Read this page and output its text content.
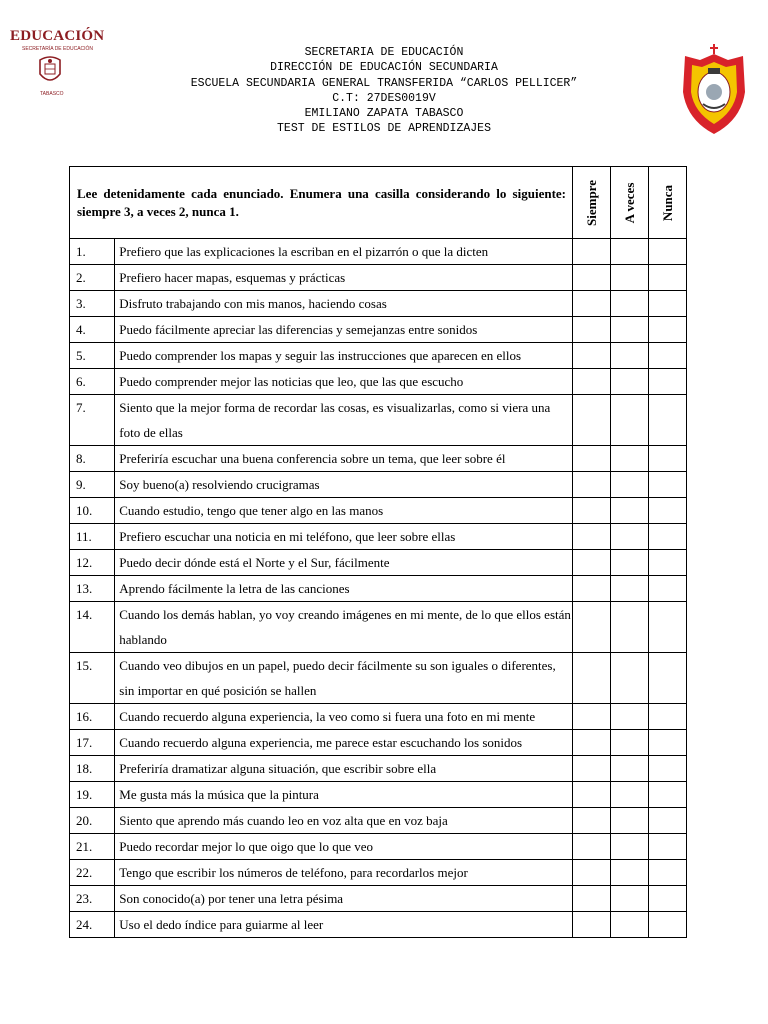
EDUCACIÓN
SECRETARÍA DE EDUCACIÓN
TABASCO
SECRETARIA DE EDUCACIÓN
DIRECCIÓN DE EDUCACIÓN SECUNDARIA
ESCUELA SECUNDARIA GENERAL TRANSFERIDA “CARLOS PELLICER”
C.T: 27DES0019V
EMILIANO ZAPATA TABASCO
TEST DE ESTILOS DE APRENDIZAJES
Lee detenidamente cada enunciado. Enumera una casilla considerando lo siguiente: siempre 3, a veces 2, nunca 1.		Siempre	A veces	Nunca

1.	Prefiero que las explicaciones la escriban en el pizarrón o que la dicten			
2.	Prefiero hacer mapas, esquemas y prácticas			
3.	Disfruto trabajando con mis manos, haciendo cosas			
4.	Puedo fácilmente apreciar las diferencias y semejanzas entre sonidos			
5.	Puedo comprender los mapas y seguir las instrucciones que aparecen en ellos			
6.	Puedo comprender mejor las noticias que leo, que las que escucho			
7.	Siento que la mejor forma de recordar las cosas, es visualizarlas, como si viera una foto de ellas			
8.	Preferiría escuchar una buena conferencia sobre un tema, que leer sobre él			
9.	Soy bueno(a) resolviendo crucigramas			
10.	Cuando estudio, tengo que tener algo en las manos			
11.	Prefiero escuchar una noticia en mi teléfono, que leer sobre ellas			
12.	Puedo decir dónde está el Norte y el Sur, fácilmente			
13.	Aprendo fácilmente la letra de las canciones			
14.	Cuando los demás hablan, yo voy creando imágenes en mi mente, de lo que ellos están hablando			
15.	Cuando veo dibujos en un papel, puedo decir fácilmente su son iguales o diferentes, sin importar en qué posición se hallen			
16.	Cuando recuerdo alguna experiencia, la veo como si fuera una foto en mi mente			
17.	Cuando recuerdo alguna experiencia, me parece estar escuchando los sonidos			
18.	Preferiría dramatizar alguna situación, que escribir sobre ella			
19.	Me gusta más la música que la pintura			
20.	Siento que aprendo más cuando leo en voz alta que en voz baja			
21.	Puedo recordar mejor lo que oigo que lo que veo			
22.	Tengo que escribir los números de teléfono, para recordarlos mejor			
23.	Son conocido(a) por tener una letra pésima			
24.	Uso el dedo índice para guiarme al leer			
